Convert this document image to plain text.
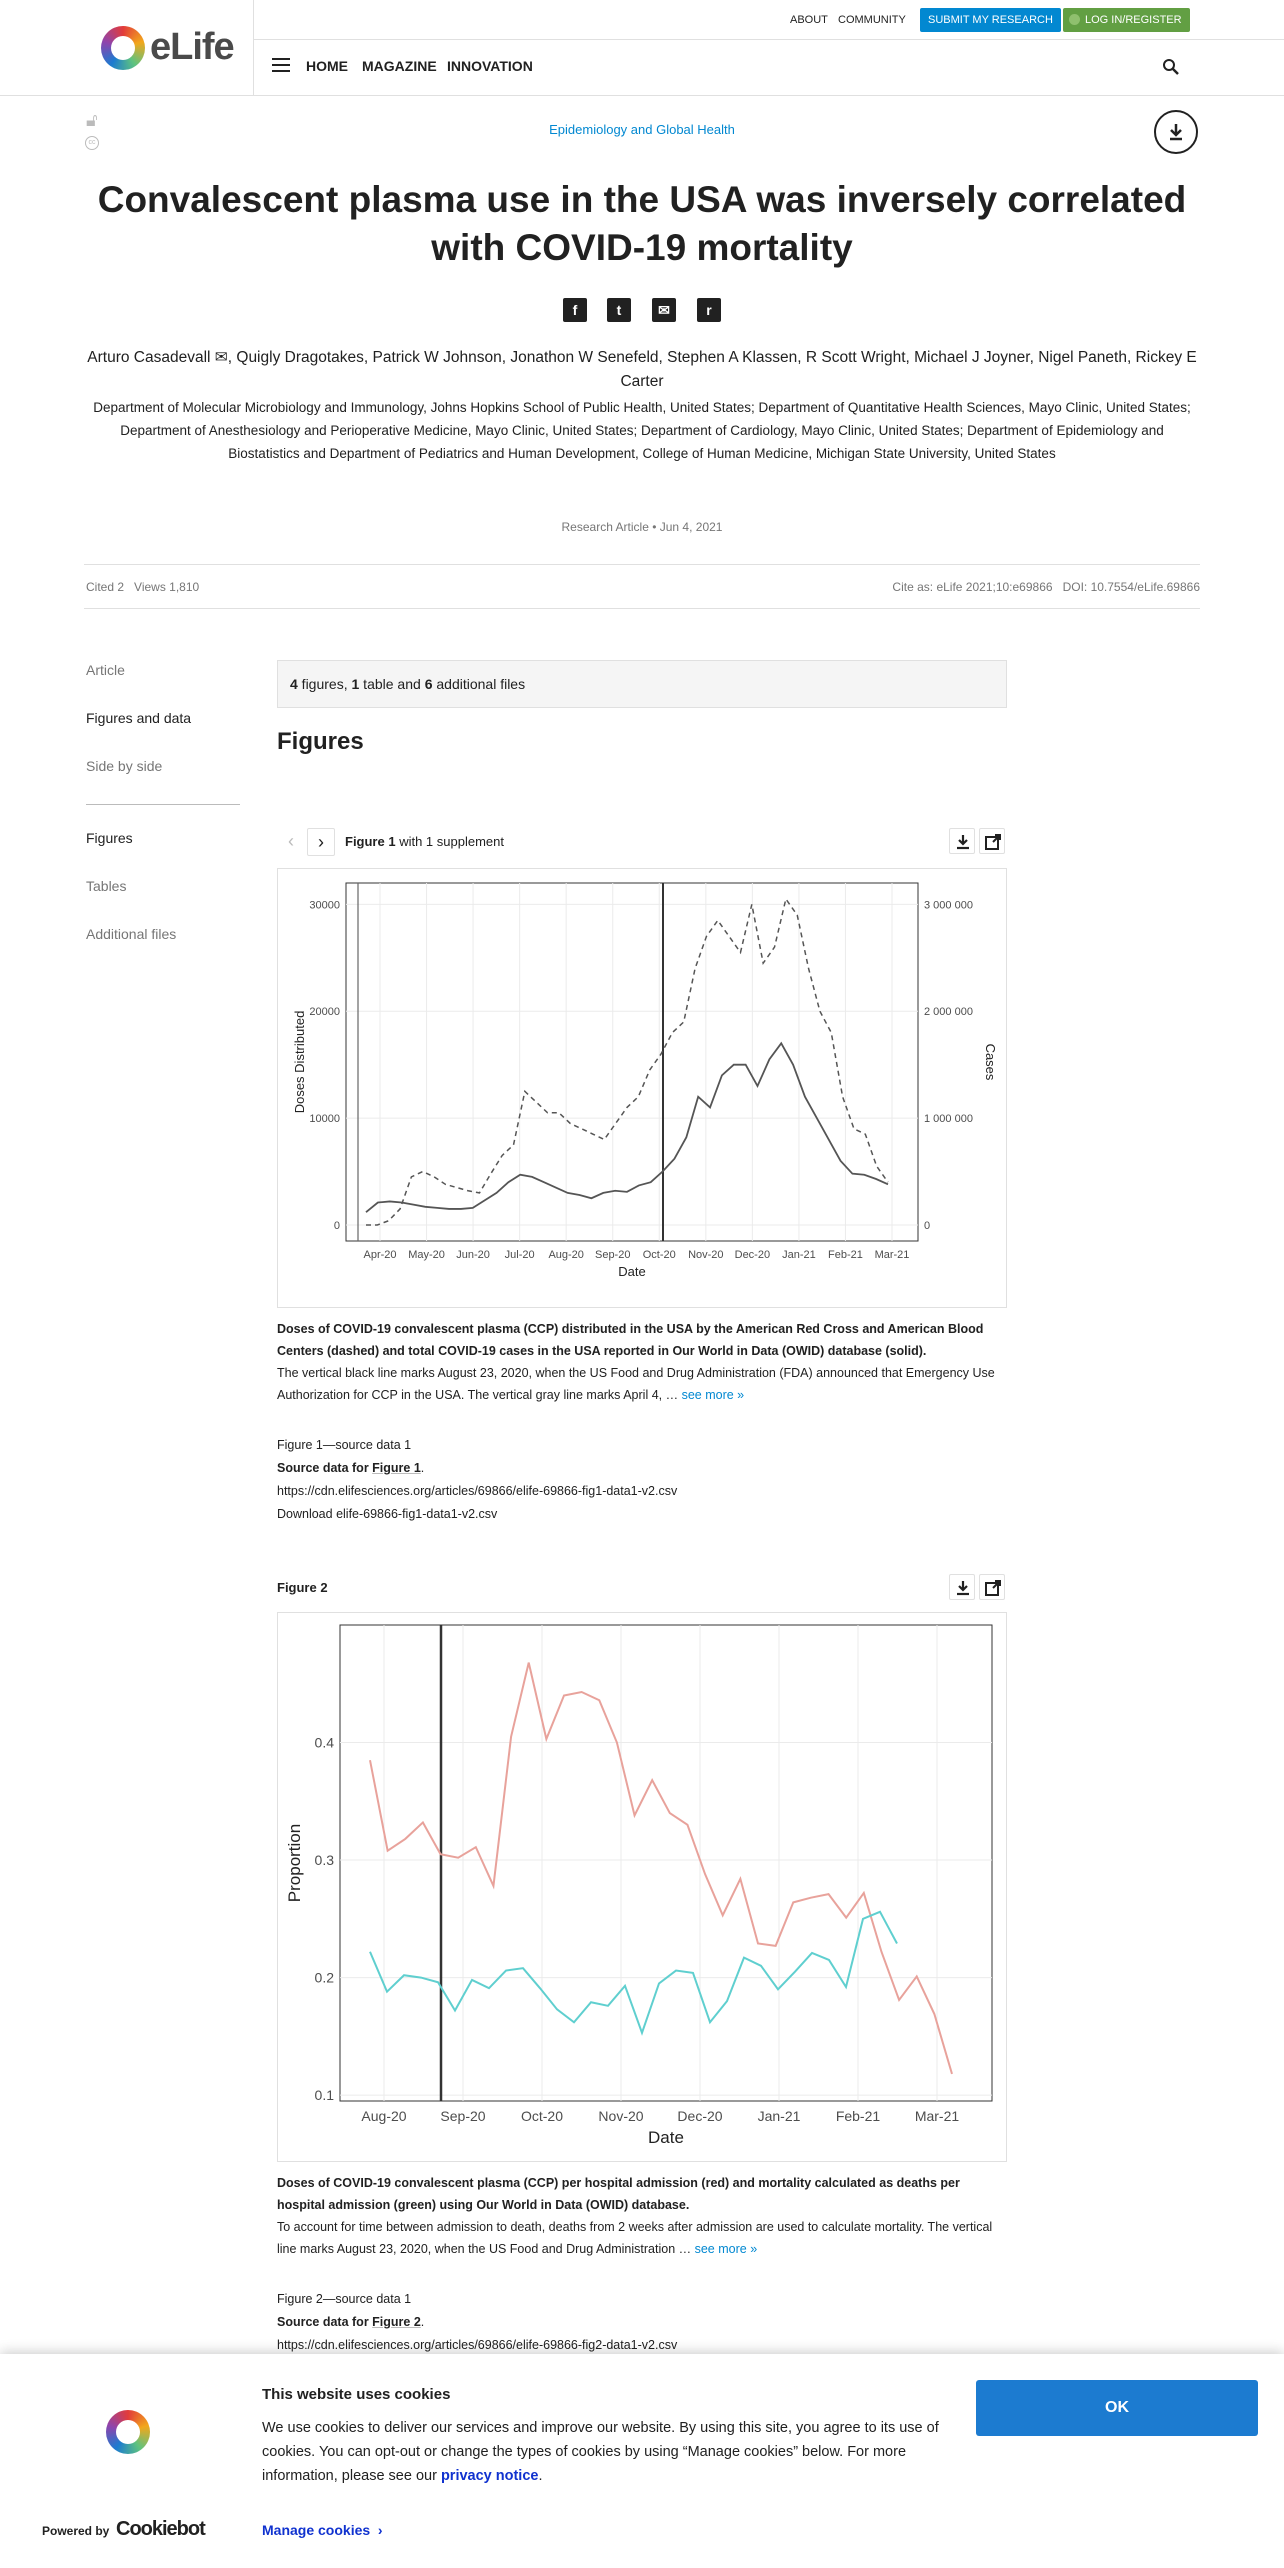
eLife
ABOUT COMMUNITY	SUBMIT MY RESEARCH	LOG IN/REGISTER
HOME MAGAZINE INNOVATION
🔓︎
cc
Epidemiology and Global Health
Convalescent plasma use in the USA was inversely correlated with COVID-19 mortality
f	t	✉	r
Arturo Casadevall ✉, Quigly Dragotakes, Patrick W Johnson, Jonathon W Senefeld, Stephen A Klassen, R Scott Wright, Michael J Joyner, Nigel Paneth, Rickey E Carter
Department of Molecular Microbiology and Immunology, Johns Hopkins School of Public Health, United States; Department of Quantitative Health Sciences, Mayo Clinic, United States; Department of Anesthesiology and Perioperative Medicine, Mayo Clinic, United States; Department of Cardiology, Mayo Clinic, United States; Department of Epidemiology and Biostatistics and Department of Pediatrics and Human Development, College of Human Medicine, Michigan State University, United States
Research Article • Jun 4, 2021
Cited 2 Views 1,810	Cite as: eLife 2021;10:e69866 DOI: 10.7554/eLife.69866
Article
Figures and data
Side by side
Figures
Tables
Additional files
4 figures, 1 table and 6 additional files
Figures
‹	›	Figure 1 with 1 supplement
0	0
10000	1 000 000
20000	2 000 000
30000	3 000 000
Apr-20 May-20 Jun-20 Jul-20 Aug-20 Sep-20 Oct-20 Nov-20 Dec-20 Jan-21 Feb-21 Mar-21
Date
Doses Distributed	Cases
Doses of COVID-19 convalescent plasma (CCP) distributed in the USA by the American Red Cross and American Blood Centers (dashed) and total COVID-19 cases in the USA reported in Our World in Data (OWID) database (solid).
The vertical black line marks August 23, 2020, when the US Food and Drug Administration (FDA) announced that Emergency Use Authorization for CCP in the USA. The vertical gray line marks April 4, … see more »
Figure 1—source data 1
Source data for Figure 1.
https://cdn.elifesciences.org/articles/69866/elife-69866-fig1-data1-v2.csv
Download elife-69866-fig1-data1-v2.csv
Figure 2
0.1
0.2
0.3
0.4
Aug-20 Sep-20	Oct-20	Nov-20 Dec-20	Jan-21	Feb-21 Mar-21
Date
Proportion
Doses of COVID-19 convalescent plasma (CCP) per hospital admission (red) and mortality calculated as deaths per hospital admission (green) using Our World in Data (OWID) database.
To account for time between admission to death, deaths from 2 weeks after admission are used to calculate mortality. The vertical line marks August 23, 2020, when the US Food and Drug Administration … see more »
Figure 2—source data 1
Source data for Figure 2.
https://cdn.elifesciences.org/articles/69866/elife-69866-fig2-data1-v2.csv
This website uses cookies
We use cookies to deliver our services and improve our website. By using this site, you agree to its use of cookies. You can opt-out or change the types of cookies by using “Manage cookies” below. For more information, please see our privacy notice.
OK
Powered by Cookiebot	Manage cookies  ›
